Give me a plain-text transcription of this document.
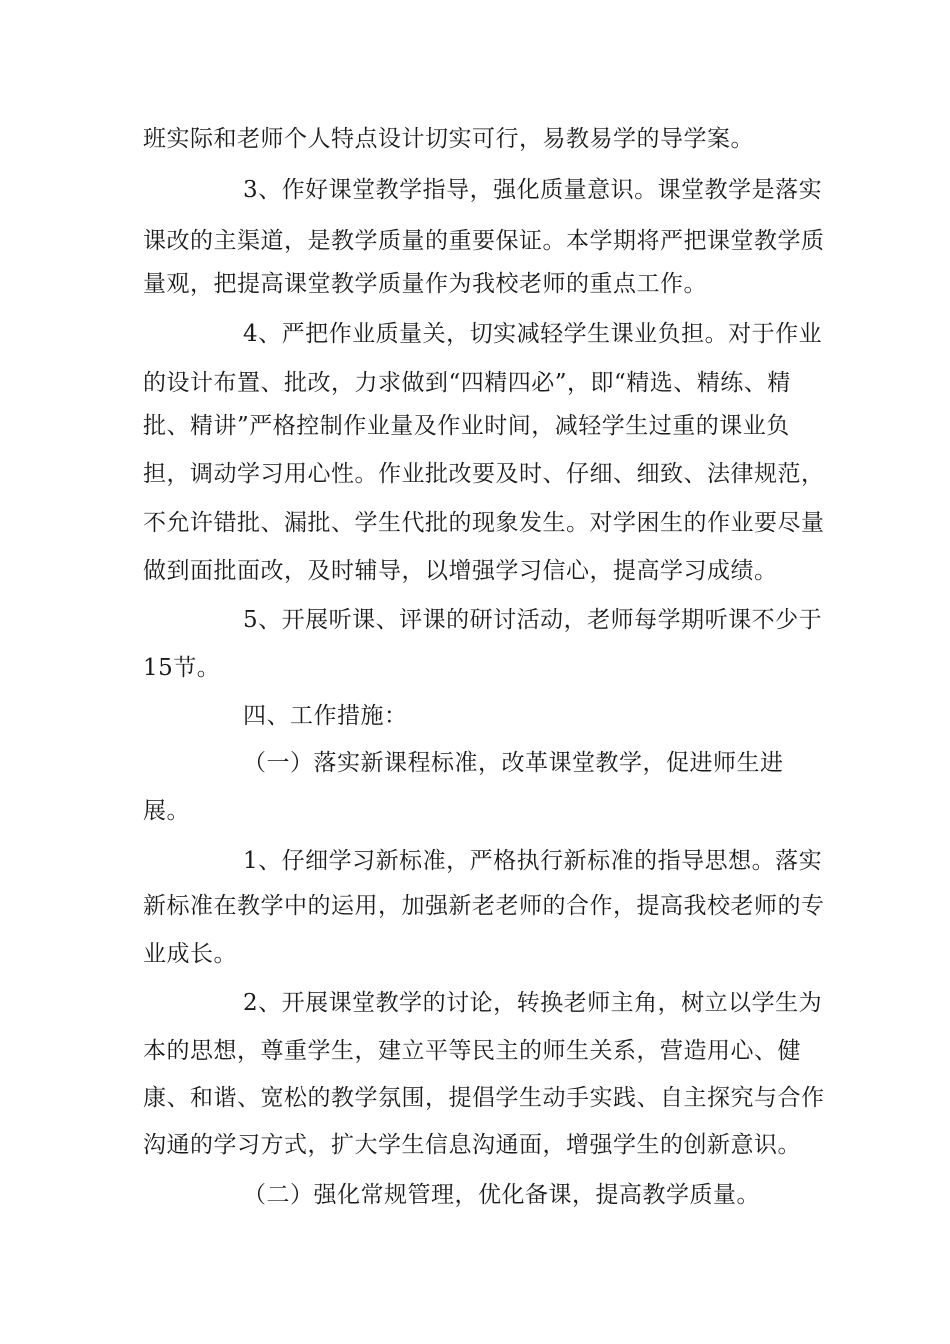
班实际和老师个人特点设计切实可行，易教易学的导学案。
3、作好课堂教学指导，强化质量意识。课堂教学是落实
课改的主渠道，是教学质量的重要保证。本学期将严把课堂教学质
量观，把提高课堂教学质量作为我校老师的重点工作。
4、严把作业质量关，切实减轻学生课业负担。对于作业
的设计布置、批改，力求做到“四精四必”，即“精选、精练、精
批、精讲”严格控制作业量及作业时间，减轻学生过重的课业负
担，调动学习用心性。作业批改要及时、仔细、细致、法律规范，
不允许错批、漏批、学生代批的现象发生。对学困生的作业要尽量
做到面批面改，及时辅导，以增强学习信心，提高学习成绩。
5、开展听课、评课的研讨活动，老师每学期听课不少于
15节。
四、工作措施：
（一）落实新课程标准，改革课堂教学，促进师生进
展。
1、仔细学习新标准，严格执行新标准的指导思想。落实
新标准在教学中的运用，加强新老老师的合作，提高我校老师的专
业成长。
2、开展课堂教学的讨论，转换老师主角，树立以学生为
本的思想，尊重学生，建立平等民主的师生关系，营造用心、健
康、和谐、宽松的教学氛围，提倡学生动手实践、自主探究与合作
沟通的学习方式，扩大学生信息沟通面，增强学生的创新意识。
（二）强化常规管理，优化备课，提高教学质量。
